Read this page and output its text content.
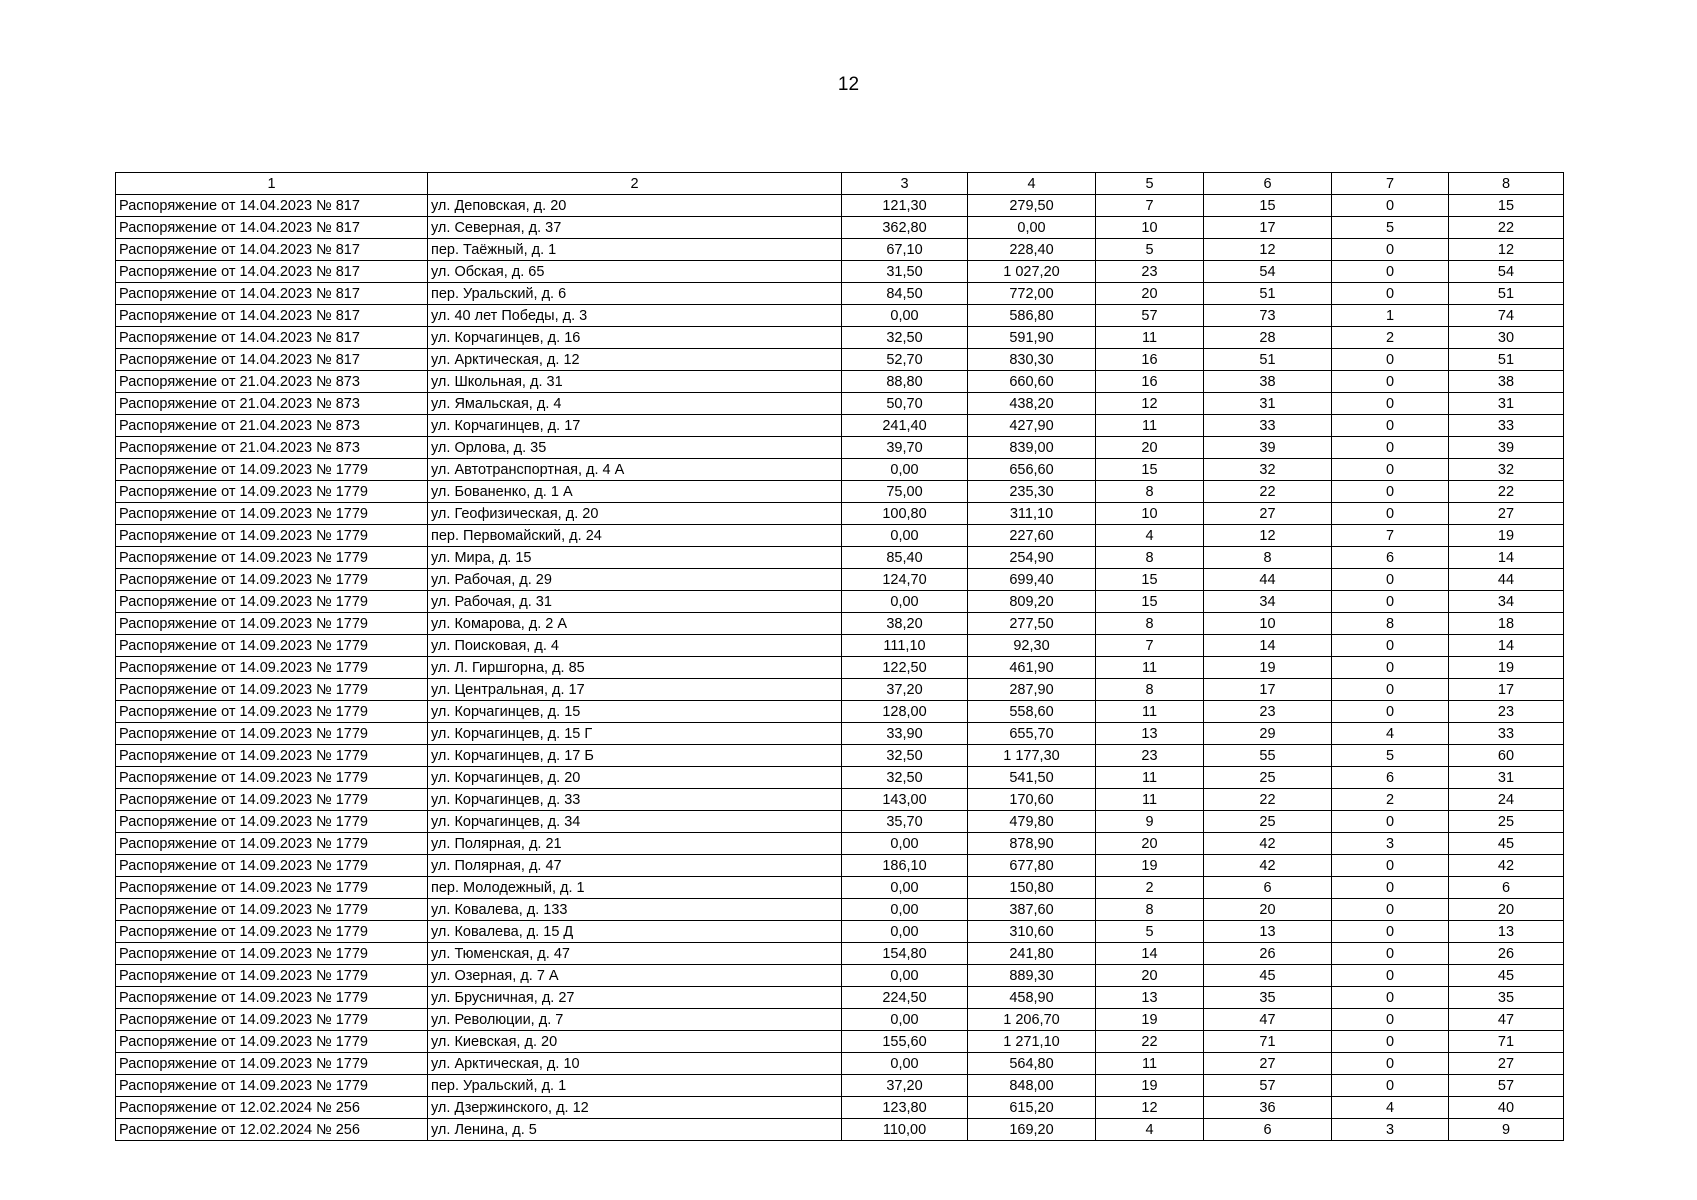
12
1	2	3	4	5	6	7	8
Распоряжение от 14.04.2023 № 817	ул. Деповская, д. 20	121,30	279,50	7	15	0	15
Распоряжение от 14.04.2023 № 817	ул. Северная, д. 37	362,80	0,00	10	17	5	22
Распоряжение от 14.04.2023 № 817	пер. Таёжный, д. 1	67,10	228,40	5	12	0	12
Распоряжение от 14.04.2023 № 817	ул. Обская, д. 65	31,50	1 027,20	23	54	0	54
Распоряжение от 14.04.2023 № 817	пер. Уральский, д. 6	84,50	772,00	20	51	0	51
Распоряжение от 14.04.2023 № 817	ул. 40 лет Победы, д. 3	0,00	586,80	57	73	1	74
Распоряжение от 14.04.2023 № 817	ул. Корчагинцев, д. 16	32,50	591,90	11	28	2	30
Распоряжение от 14.04.2023 № 817	ул. Арктическая, д. 12	52,70	830,30	16	51	0	51
Распоряжение от 21.04.2023 № 873	ул. Школьная, д. 31	88,80	660,60	16	38	0	38
Распоряжение от 21.04.2023 № 873	ул. Ямальская, д. 4	50,70	438,20	12	31	0	31
Распоряжение от 21.04.2023 № 873	ул. Корчагинцев, д. 17	241,40	427,90	11	33	0	33
Распоряжение от 21.04.2023 № 873	ул. Орлова, д. 35	39,70	839,00	20	39	0	39
Распоряжение от 14.09.2023 № 1779	ул. Автотранспортная, д. 4 А	0,00	656,60	15	32	0	32
Распоряжение от 14.09.2023 № 1779	ул. Бованенко, д. 1 А	75,00	235,30	8	22	0	22
Распоряжение от 14.09.2023 № 1779	ул. Геофизическая, д. 20	100,80	311,10	10	27	0	27
Распоряжение от 14.09.2023 № 1779	пер. Первомайский, д. 24	0,00	227,60	4	12	7	19
Распоряжение от 14.09.2023 № 1779	ул. Мира, д. 15	85,40	254,90	8	8	6	14
Распоряжение от 14.09.2023 № 1779	ул. Рабочая, д. 29	124,70	699,40	15	44	0	44
Распоряжение от 14.09.2023 № 1779	ул. Рабочая, д. 31	0,00	809,20	15	34	0	34
Распоряжение от 14.09.2023 № 1779	ул. Комарова, д. 2 А	38,20	277,50	8	10	8	18
Распоряжение от 14.09.2023 № 1779	ул. Поисковая, д. 4	111,10	92,30	7	14	0	14
Распоряжение от 14.09.2023 № 1779	ул. Л. Гиршгорна, д. 85	122,50	461,90	11	19	0	19
Распоряжение от 14.09.2023 № 1779	ул. Центральная, д. 17	37,20	287,90	8	17	0	17
Распоряжение от 14.09.2023 № 1779	ул. Корчагинцев, д. 15	128,00	558,60	11	23	0	23
Распоряжение от 14.09.2023 № 1779	ул. Корчагинцев, д. 15 Г	33,90	655,70	13	29	4	33
Распоряжение от 14.09.2023 № 1779	ул. Корчагинцев, д. 17 Б	32,50	1 177,30	23	55	5	60
Распоряжение от 14.09.2023 № 1779	ул. Корчагинцев, д. 20	32,50	541,50	11	25	6	31
Распоряжение от 14.09.2023 № 1779	ул. Корчагинцев, д. 33	143,00	170,60	11	22	2	24
Распоряжение от 14.09.2023 № 1779	ул. Корчагинцев, д. 34	35,70	479,80	9	25	0	25
Распоряжение от 14.09.2023 № 1779	ул. Полярная, д. 21	0,00	878,90	20	42	3	45
Распоряжение от 14.09.2023 № 1779	ул. Полярная, д. 47	186,10	677,80	19	42	0	42
Распоряжение от 14.09.2023 № 1779	пер. Молодежный, д. 1	0,00	150,80	2	6	0	6
Распоряжение от 14.09.2023 № 1779	ул. Ковалева, д. 133	0,00	387,60	8	20	0	20
Распоряжение от 14.09.2023 № 1779	ул. Ковалева, д. 15 Д	0,00	310,60	5	13	0	13
Распоряжение от 14.09.2023 № 1779	ул. Тюменская, д. 47	154,80	241,80	14	26	0	26
Распоряжение от 14.09.2023 № 1779	ул. Озерная, д. 7 А	0,00	889,30	20	45	0	45
Распоряжение от 14.09.2023 № 1779	ул. Брусничная, д. 27	224,50	458,90	13	35	0	35
Распоряжение от 14.09.2023 № 1779	ул. Революции, д. 7	0,00	1 206,70	19	47	0	47
Распоряжение от 14.09.2023 № 1779	ул. Киевская, д. 20	155,60	1 271,10	22	71	0	71
Распоряжение от 14.09.2023 № 1779	ул. Арктическая, д. 10	0,00	564,80	11	27	0	27
Распоряжение от 14.09.2023 № 1779	пер. Уральский, д. 1	37,20	848,00	19	57	0	57
Распоряжение от 12.02.2024 № 256	ул. Дзержинского, д. 12	123,80	615,20	12	36	4	40
Распоряжение от 12.02.2024 № 256	ул. Ленина, д. 5	110,00	169,20	4	6	3	9
